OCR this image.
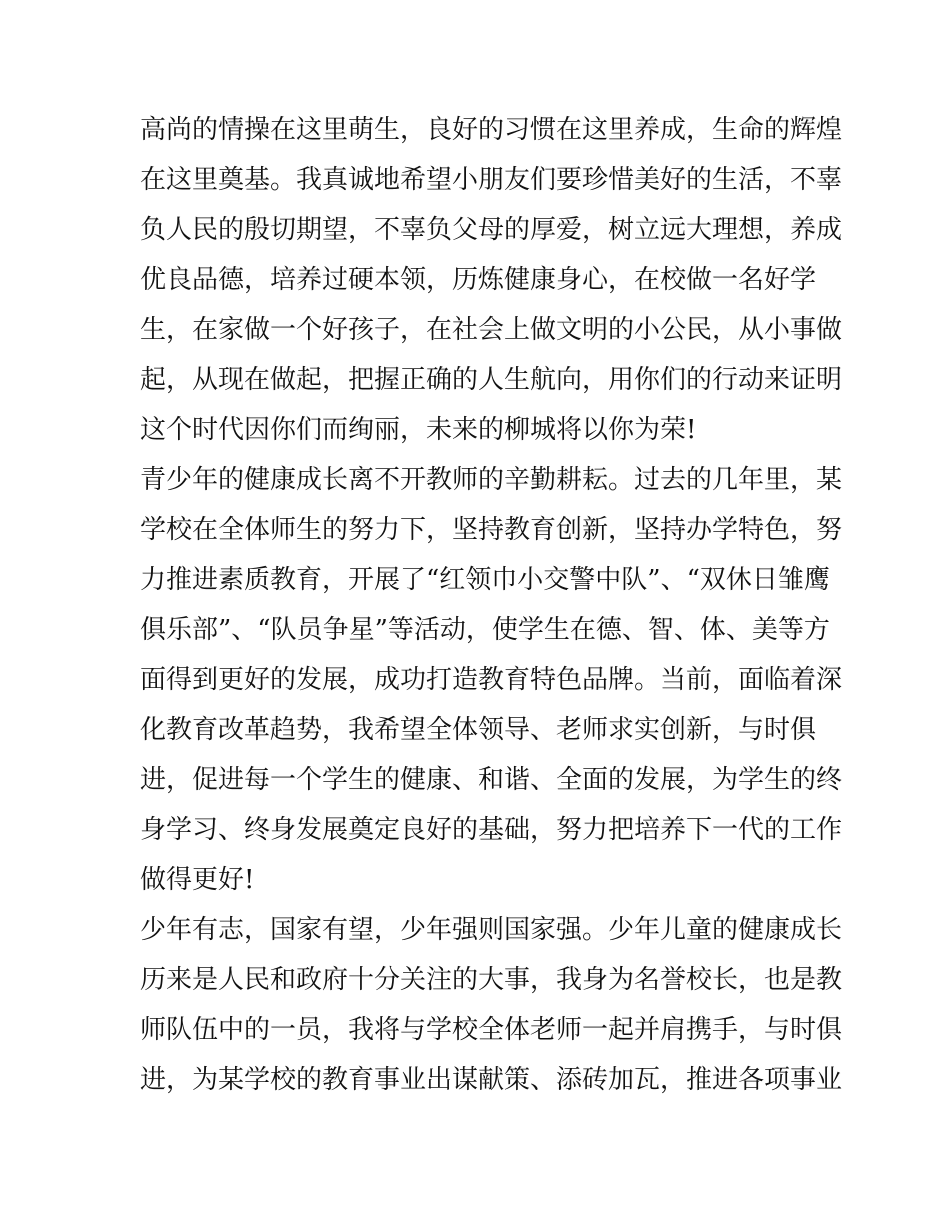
高尚的情操在这里萌生，良好的习惯在这里养成，生命的辉煌
在这里奠基。我真诚地希望小朋友们要珍惜美好的生活，不辜
负人民的殷切期望，不辜负父母的厚爱，树立远大理想，养成
优良品德，培养过硬本领，历炼健康身心，在校做一名好学
生，在家做一个好孩子，在社会上做文明的小公民，从小事做
起，从现在做起，把握正确的人生航向，用你们的行动来证明
这个时代因你们而绚丽，未来的柳城将以你为荣!
青少年的健康成长离不开教师的辛勤耕耘。过去的几年里，某
学校在全体师生的努力下，坚持教育创新，坚持办学特色，努
力推进素质教育，开展了“红领巾小交警中队”、“双休日雏鹰
俱乐部”、“队员争星”等活动，使学生在德、智、体、美等方
面得到更好的发展，成功打造教育特色品牌。当前，面临着深
化教育改革趋势，我希望全体领导、老师求实创新，与时俱
进，促进每一个学生的健康、和谐、全面的发展，为学生的终
身学习、终身发展奠定良好的基础，努力把培养下一代的工作
做得更好!
少年有志，国家有望，少年强则国家强。少年儿童的健康成长
历来是人民和政府十分关注的大事，我身为名誉校长，也是教
师队伍中的一员，我将与学校全体老师一起并肩携手，与时俱
进，为某学校的教育事业出谋献策、添砖加瓦，推进各项事业
